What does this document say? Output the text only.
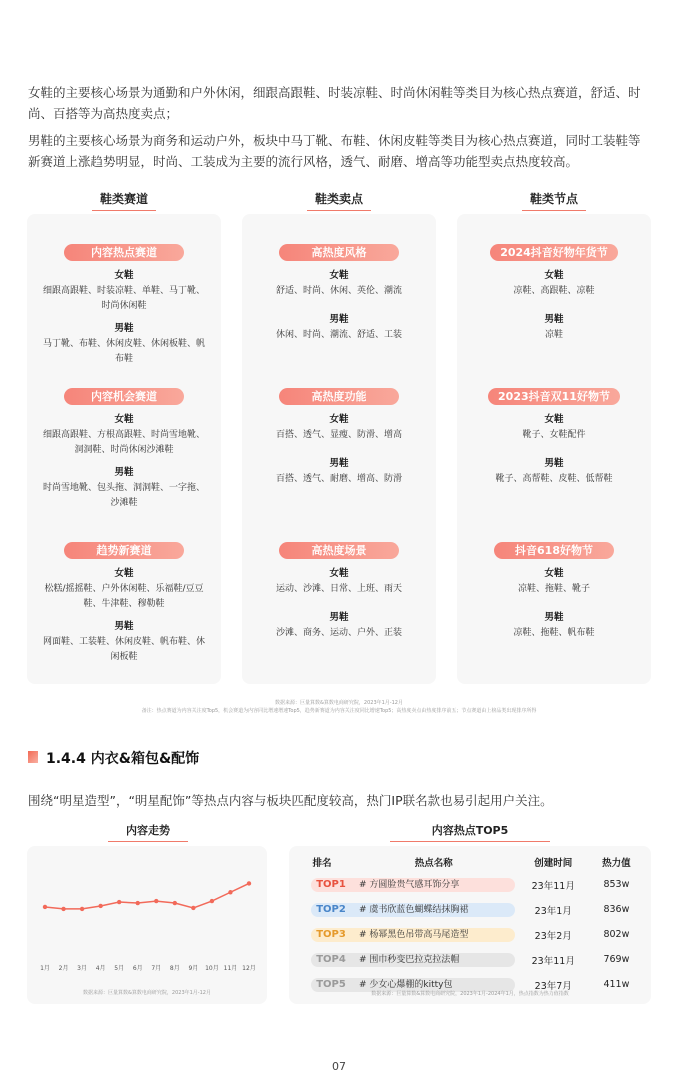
女鞋的主要核心场景为通勤和户外休闲，细跟高跟鞋、时装凉鞋、时尚休闲鞋等类目为核心热点赛道，舒适、时尚、百搭等为高热度卖点；

男鞋的主要核心场景为商务和运动户外，板块中马丁靴、布鞋、休闲皮鞋等类目为核心热点赛道，同时工装鞋等新赛道上涨趋势明显，时尚、工装成为主要的流行风格，透气、耐磨、增高等功能型卖点热度较高。

鞋类赛道	鞋类卖点	鞋类节点
内容热点赛道
女鞋
细跟高跟鞋、时装凉鞋、单鞋、马丁靴、时尚休闲鞋
男鞋
马丁靴、布鞋、休闲皮鞋、休闲板鞋、帆布鞋
内容机会赛道
女鞋
细跟高跟鞋、方根高跟鞋、时尚雪地靴、洞洞鞋、时尚休闲沙滩鞋
男鞋
时尚雪地靴、包头拖、洞洞鞋、一字拖、沙滩鞋
趋势新赛道
女鞋
松糕/摇摇鞋、户外休闲鞋、乐福鞋/豆豆鞋、牛津鞋、穆勒鞋
男鞋
网面鞋、工装鞋、休闲皮鞋、帆布鞋、休闲板鞋
高热度风格
女鞋
舒适、时尚、休闲、英伦、潮流
男鞋
休闲、时尚、潮流、舒适、工装
高热度功能
女鞋
百搭、透气、显瘦、防滑、增高
男鞋
百搭、透气、耐磨、增高、防滑
高热度场景
女鞋
运动、沙滩、日常、上班、雨天
男鞋
沙滩、商务、运动、户外、正装
2024抖音好物年货节
女鞋
凉鞋、高跟鞋、凉鞋
男鞋
凉鞋
2023抖音双11好物节
女鞋
靴子、女鞋配件
男鞋
靴子、高帮鞋、皮鞋、低帮鞋
抖音618好物节
女鞋
凉鞋、拖鞋、靴子
男鞋
凉鞋、拖鞋、帆布鞋
数据来源：巨量算数&算数电商研究院，2023年1月-12月
备注：热点赛道为内容关注度Top5，机会赛道为内容同比增速增速Top5，趋势新赛道为内容关注度同比增速Top5；高热度卖点由热度排序前五；节点赛道由上榜品类出现排序所得
1.4.4 内衣&箱包&配饰

围绕“明星造型”，“明星配饰”等热点内容与板块匹配度较高，热门IP联名款也易引起用户关注。

内容走势	内容热点TOP5
1月 2月 3月 4月 5月 6月 7月 8月 9月 10月 11月 12月
数据来源：巨量算数&算数电商研究院，2023年1月-12月
排名	热点名称	创建时间	热力值
TOP1 # 方圆脸贵气感耳饰分享		23年11月	853w
TOP2 # 虞书欣蓝色蝴蝶结抹胸裙		23年1月	836w
TOP3 # 杨幂黑色吊带高马尾造型		23年2月	802w
TOP4 # 围巾秒变巴拉克拉法帽		23年11月	769w
TOP5 # 少女心爆棚的kitty包		23年7月	411w
数据来源：巨量算数&算数电商研究院，2023年1月-2024年1月，热点指数为热力值指数
07
